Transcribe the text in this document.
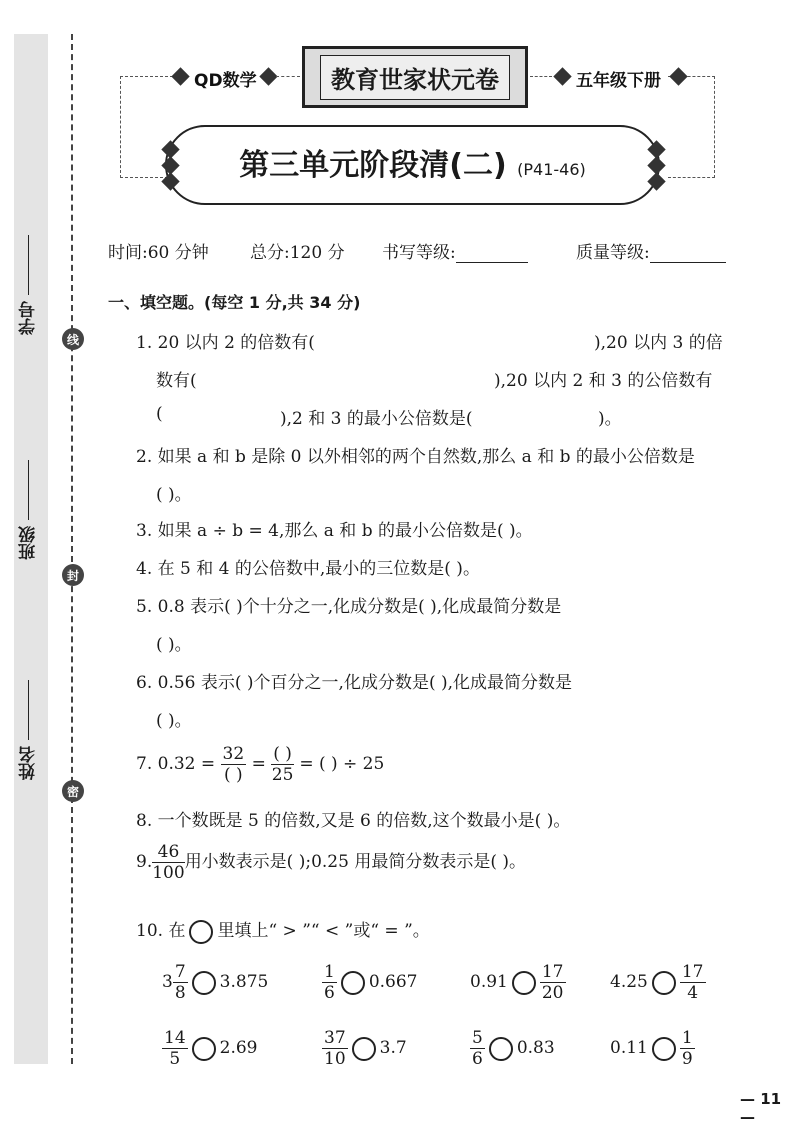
学号
班级
姓名
线
封
密
QD数学	教育世家状元卷	五年级下册
第三单元阶段清(二) (P41-46)
时间:60 分钟 总分:120 分 书写等级:	质量等级:
一、填空题。(每空 1 分,共 34 分)
1. 20 以内 2 的倍数有(	),20 以内 3 的倍
数有(	),20 以内 2 和 3 的公倍数有
(	),2 和 3 的最小公倍数是(	)。
2. 如果 a 和 b 是除 0 以外相邻的两个自然数,那么 a 和 b 的最小公倍数是
( )。
3. 如果 a ÷ b = 4,那么 a 和 b 的最小公倍数是( )。
4. 在 5 和 4 的公倍数中,最小的三位数是( )。
5. 0.8 表示( )个十分之一,化成分数是( ),化成最简分数是
( )。
6. 0.56 表示( )个百分之一,化成分数是( ),化成最简分数是
( )。
7. $0.32 = \frac{32}{( )} = \frac{( )}{25}$ = ( ) ÷ 25
8. 一个数既是 5 的倍数,又是 6 的倍数,这个数最小是( )。
9. $\frac{46}{100}$ 用小数表示是( );0.25 用最简分数表示是( )。
10. 在 里填上“ > ”“ < ”或“ = ”。
$3 \frac{7}{8} 3.875$	$\frac{1}{6} 0.667$	$0.91 \frac{17}{20}$	$4.25 \frac{17}{4}$
$\frac{14}{5} 2.69$	$\frac{37}{10} 3.7$	$\frac{5}{6} 0.83$	$0.11 \frac{1}{9}$
— 11 —
